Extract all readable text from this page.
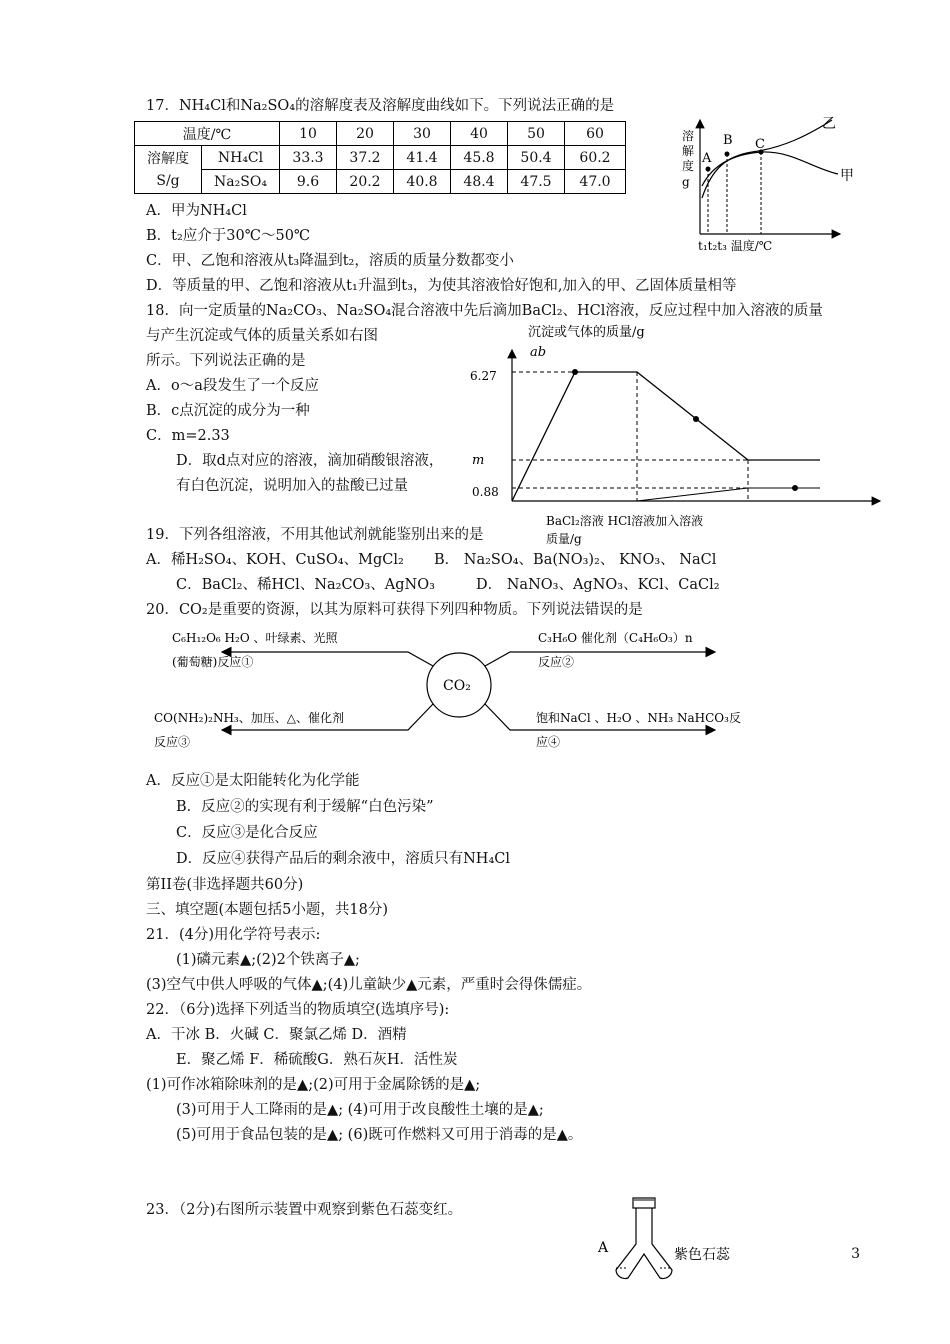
17．NH₄Cl和Na₂SO₄的溶解度表及溶解度曲线如下。下列说法正确的是
温度/℃		10	20	30	40	50	60
溶解度
S/g	NH₄Cl	33.3	37.2	41.4	45.8	50.4	60.2
	Na₂SO₄	9.6	20.2	40.8	48.4	47.5	47.0
A．甲为NH₄Cl
B．t₂应介于30℃～50℃
C．甲、乙饱和溶液从t₃降温到t₂，溶质的质量分数都变小
D．等质量的甲、乙饱和溶液从t₁升温到t₃，为使其溶液恰好饱和,加入的甲、乙固体质量相等
溶
解
度
g
A
B C
乙
甲
t₁t₂t₃ 温度/℃
18．向一定质量的Na₂CO₃、Na₂SO₄混合溶液中先后滴加BaCl₂、HCl溶液，反应过程中加入溶液的质量
与产生沉淀或气体的质量关系如右图
所示。下列说法正确的是
A．o～a段发生了一个反应
B．c点沉淀的成分为一种
C．m=2.33
D．取d点对应的溶液，滴加硝酸银溶液，
有白色沉淀，说明加入的盐酸已过量
沉淀或气体的质量/g
ab
6.27
0.88
m
BaCl₂溶液 HCl溶液加入溶液
质量/g
19．下列各组溶液，不用其他试剂就能鉴别出来的是
A．稀H₂SO₄、KOH、CuSO₄、MgCl₂ B． Na₂SO₄、Ba(NO₃)₂、 KNO₃、 NaCl
C．BaCl₂、稀HCl、Na₂CO₃、AgNO₃	D． NaNO₃、AgNO₃、KCl、CaCl₂
20．CO₂是重要的资源，以其为原料可获得下列四种物质。下列说法错误的是
CO₂
C₆H₁₂O₆ H₂O 、叶绿素、光照
(葡萄糖)反应①
C₃H₆O 催化剂（C₄H₆O₃）n
反应②
CO(NH₂)₂NH₃、加压、△、催化剂
反应③
饱和NaCl 、H₂O 、NH₃ NaHCO₃反
应④
A．反应①是太阳能转化为化学能
B．反应②的实现有利于缓解“白色污染”
C．反应③是化合反应
D．反应④获得产品后的剩余液中，溶质只有NH₄Cl
第II卷(非选择题共60分)
三、填空题(本题包括5小题，共18分)
21．(4分)用化学符号表示:
(1)磷元素▲;(2)2个铁离子▲;
(3)空气中供人呼吸的气体▲;(4)儿童缺少▲元素，严重时会得侏儒症。
22．（6分)选择下列适当的物质填空(选填序号):
A．干冰 B．火碱 C．聚氯乙烯 D．酒精
E．聚乙烯 F．稀硫酸G．熟石灰H．活性炭
(1)可作冰箱除味剂的是▲;(2)可用于金属除锈的是▲;
(3)可用于人工降雨的是▲; (4)可用于改良酸性土壤的是▲;
(5)可用于食品包装的是▲; (6)既可作燃料又可用于消毒的是▲。
23．（2分)右图所示装置中观察到紫色石蕊变红。
A	紫色石蕊	3
